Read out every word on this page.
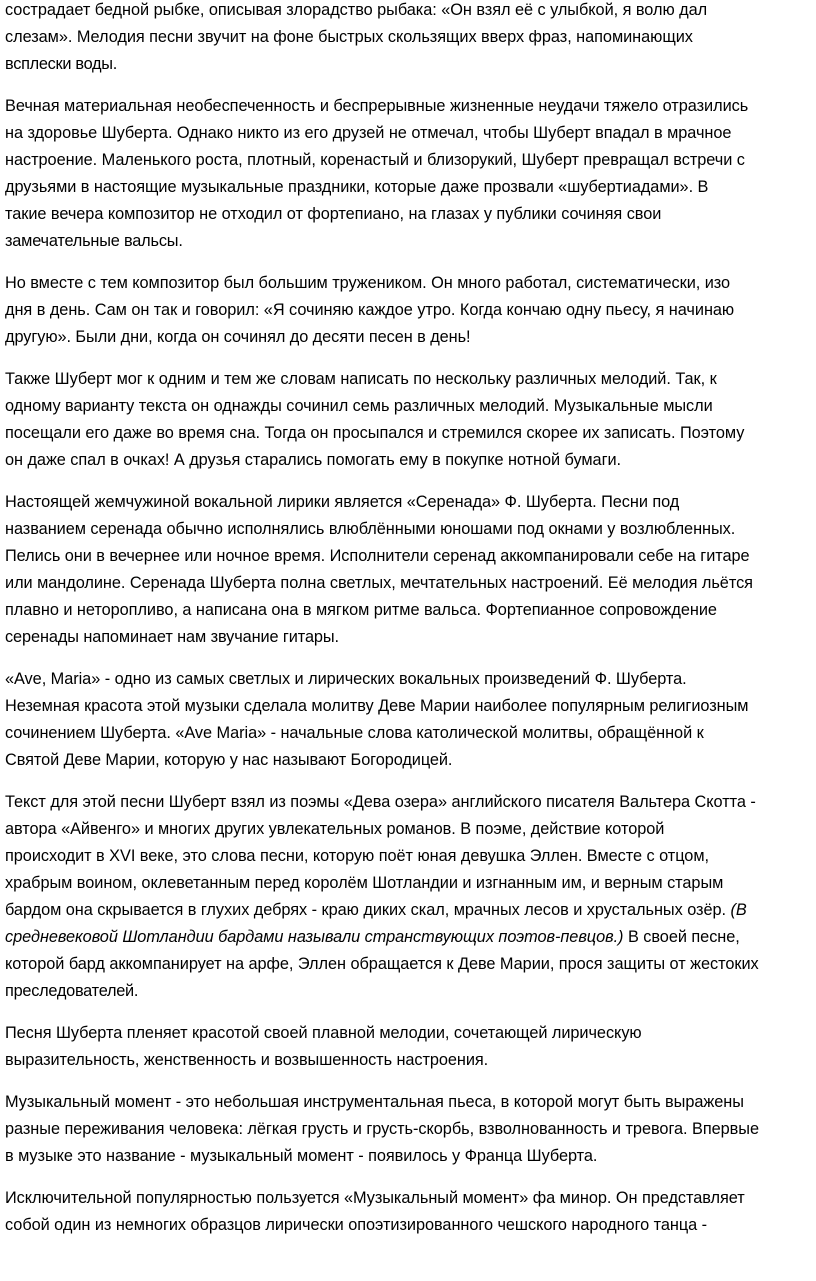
сострадает бедной рыбке, описывая злорадство рыбака: «Он взял её с улыбкой, я волю дал
слезам». Мелодия песни звучит на фоне быстрых скользящих вверх фраз, напоминающих
всплески воды.
Вечная материальная необеспеченность и беспрерывные жизненные неудачи тяжело отразились
на здоровье Шуберта. Однако никто из его друзей не отмечал, чтобы Шуберт впадал в мрачное
настроение. Маленького роста, плотный, коренастый и близорукий, Шуберт превращал встречи с
друзьями в настоящие музыкальные праздники, которые даже прозвали «шубертиадами». В
такие вечера композитор не отходил от фортепиано, на глазах у публики сочиняя свои
замечательные вальсы.
Но вместе с тем композитор был большим тружеником. Он много работал, систематически, изо
дня в день. Сам он так и говорил: «Я сочиняю каждое утро. Когда кончаю одну пьесу, я начинаю
другую». Были дни, когда он сочинял до десяти песен в день!
Также Шуберт мог к одним и тем же словам написать по нескольку различных мелодий. Так, к
одному варианту текста он однажды сочинил семь различных мелодий. Музыкальные мысли
посещали его даже во время сна. Тогда он просыпался и стремился скорее их записать. Поэтому
он даже спал в очках! А друзья старались помогать ему в покупке нотной бумаги.
Настоящей жемчужиной вокальной лирики является «Серенада» Ф. Шуберта. Песни под
названием серенада обычно исполнялись влюблёнными юношами под окнами у возлюбленных.
Пелись они в вечернее или ночное время. Исполнители серенад аккомпанировали себе на гитаре
или мандолине. Серенада Шуберта полна светлых, мечтательных настроений. Её мелодия льётся
плавно и неторопливо, а написана она в мягком ритме вальса. Фортепианное сопровождение
серенады напоминает нам звучание гитары.
«Ave, Maria» - одно из самых светлых и лирических вокальных произведений Ф. Шуберта.
Неземная красота этой музыки сделала молитву Деве Марии наиболее популярным религиозным
сочинением Шуберта. «Ave Maria» - начальные слова католической молитвы, обращённой к
Святой Деве Марии, которую у нас называют Богородицей.
Текст для этой песни Шуберт взял из поэмы «Дева озера» английского писателя Вальтера Скотта -
автора «Айвенго» и многих других увлекательных романов. В поэме, действие которой
происходит в XVI веке, это слова песни, которую поёт юная девушка Эллен. Вместе с отцом,
храбрым воином, оклеветанным перед королём Шотландии и изгнанным им, и верным старым
бардом она скрывается в глухих дебрях - краю диких скал, мрачных лесов и хрустальных озёр. (В
средневековой Шотландии бардами называли странствующих поэтов-певцов.) В своей песне,
которой бард аккомпанирует на арфе, Эллен обращается к Деве Марии, прося защиты от жестоких
преследователей.
Песня Шуберта пленяет красотой своей плавной мелодии, сочетающей лирическую
выразительность, женственность и возвышенность настроения.
Музыкальный момент - это небольшая инструментальная пьеса, в которой могут быть выражены
разные переживания человека: лёгкая грусть и грусть-скорбь, взволнованность и тревога. Впервые
в музыке это название - музыкальный момент - появилось у Франца Шуберта.
Исключительной популярностью пользуется «Музыкальный момент» фа минор. Он представляет
собой один из немногих образцов лирически опоэтизированного чешского народного танца -
